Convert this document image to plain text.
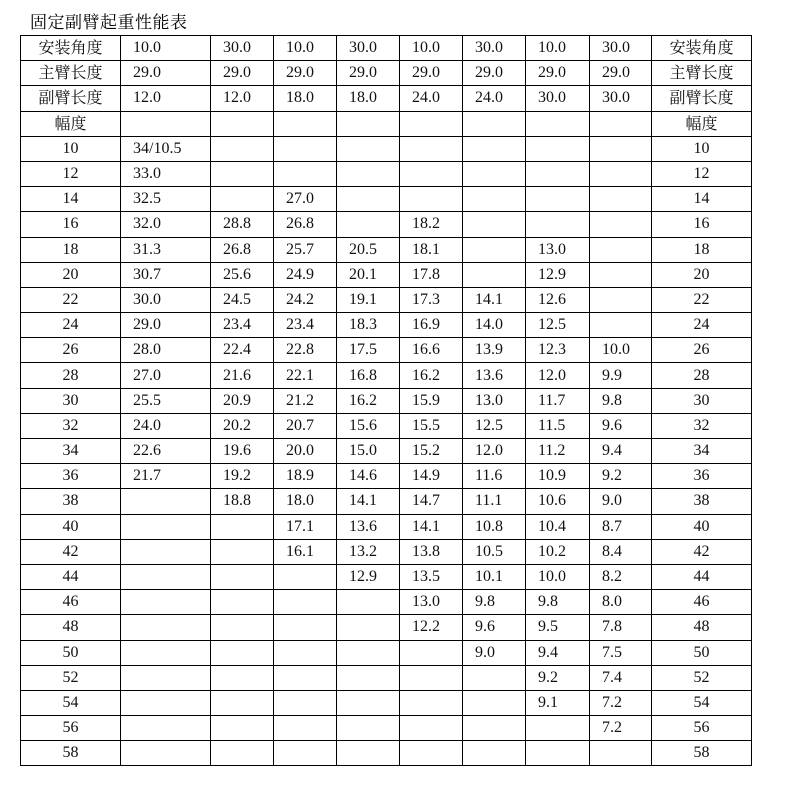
固定副臂起重性能表
安装角度	10.0	30.0	10.0	30.0	10.0	30.0	10.0	30.0	安装角度
主臂长度	29.0	29.0	29.0	29.0	29.0	29.0	29.0	29.0	主臂长度
副臂长度	12.0	12.0	18.0	18.0	24.0	24.0	30.0	30.0	副臂长度
幅度									幅度
10	34/10.5								10
12	33.0								12
14	32.5		27.0						14
16	32.0	28.8	26.8		18.2				16
18	31.3	26.8	25.7	20.5	18.1		13.0		18
20	30.7	25.6	24.9	20.1	17.8		12.9		20
22	30.0	24.5	24.2	19.1	17.3	14.1	12.6		22
24	29.0	23.4	23.4	18.3	16.9	14.0	12.5		24
26	28.0	22.4	22.8	17.5	16.6	13.9	12.3	10.0	26
28	27.0	21.6	22.1	16.8	16.2	13.6	12.0	9.9	28
30	25.5	20.9	21.2	16.2	15.9	13.0	11.7	9.8	30
32	24.0	20.2	20.7	15.6	15.5	12.5	11.5	9.6	32
34	22.6	19.6	20.0	15.0	15.2	12.0	11.2	9.4	34
36	21.7	19.2	18.9	14.6	14.9	11.6	10.9	9.2	36
38		18.8	18.0	14.1	14.7	11.1	10.6	9.0	38
40			17.1	13.6	14.1	10.8	10.4	8.7	40
42			16.1	13.2	13.8	10.5	10.2	8.4	42
44				12.9	13.5	10.1	10.0	8.2	44
46					13.0	9.8	9.8	8.0	46
48					12.2	9.6	9.5	7.8	48
50						9.0	9.4	7.5	50
52							9.2	7.4	52
54							9.1	7.2	54
56								7.2	56
58									58
